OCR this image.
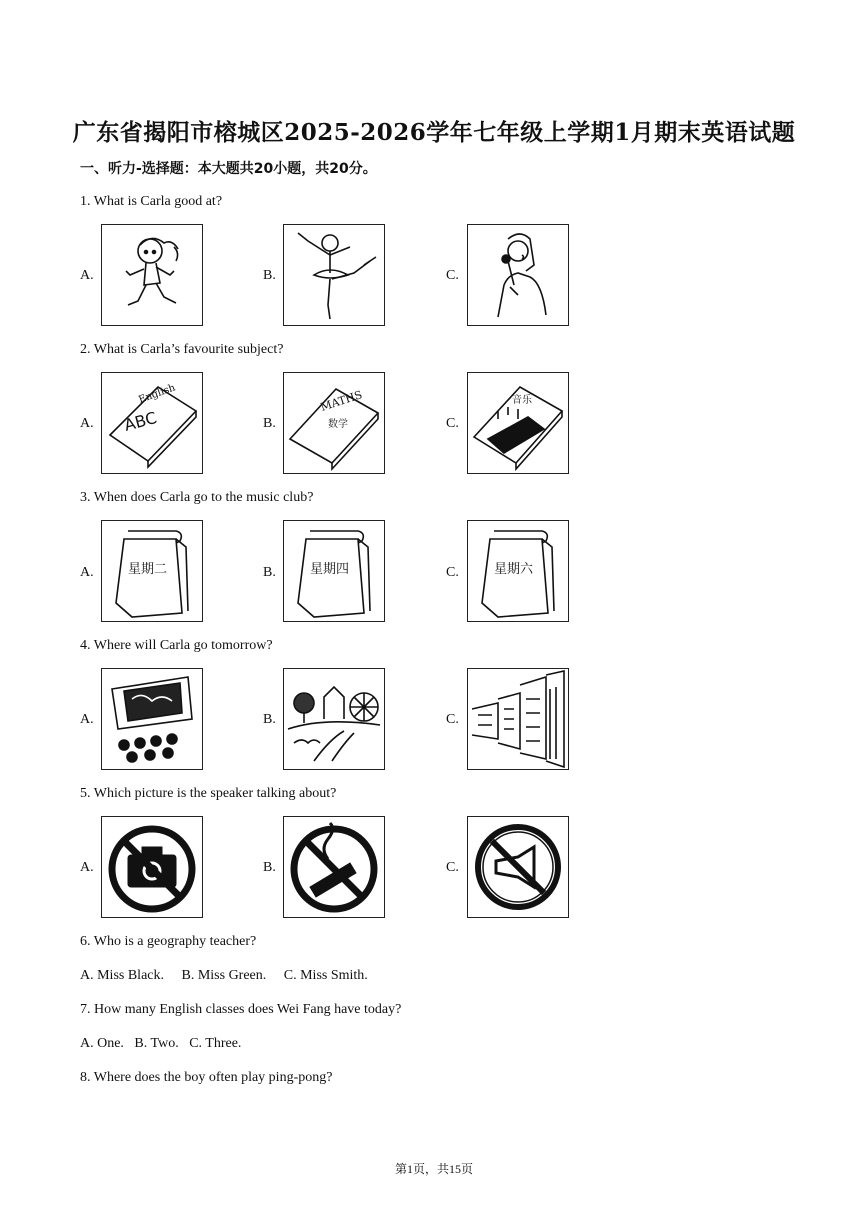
广东省揭阳市榕城区2025-2026学年七年级上学期1月期末英语试题
一、听力-选择题：本大题共20小题，共20分。
1. What is Carla good at?
A.	B.	C.
2. What is Carla’s favourite subject?
A.
English
ABC	B.
MATHS
数学	C.
音乐
3. When does Carla go to the music club?
A.	星期二	B.	星期四	C.	星期六
4. Where will Carla go tomorrow?
A.	B.	C.
5. Which picture is the speaker talking about?
A.	B.	C.
6. Who is a geography teacher?
A. Miss Black.     B. Miss Green.     C. Miss Smith.
7. How many English classes does Wei Fang have today?
A. One.   B. Two.   C. Three.
8. Where does the boy often play ping-pong?
第1页，共15页
